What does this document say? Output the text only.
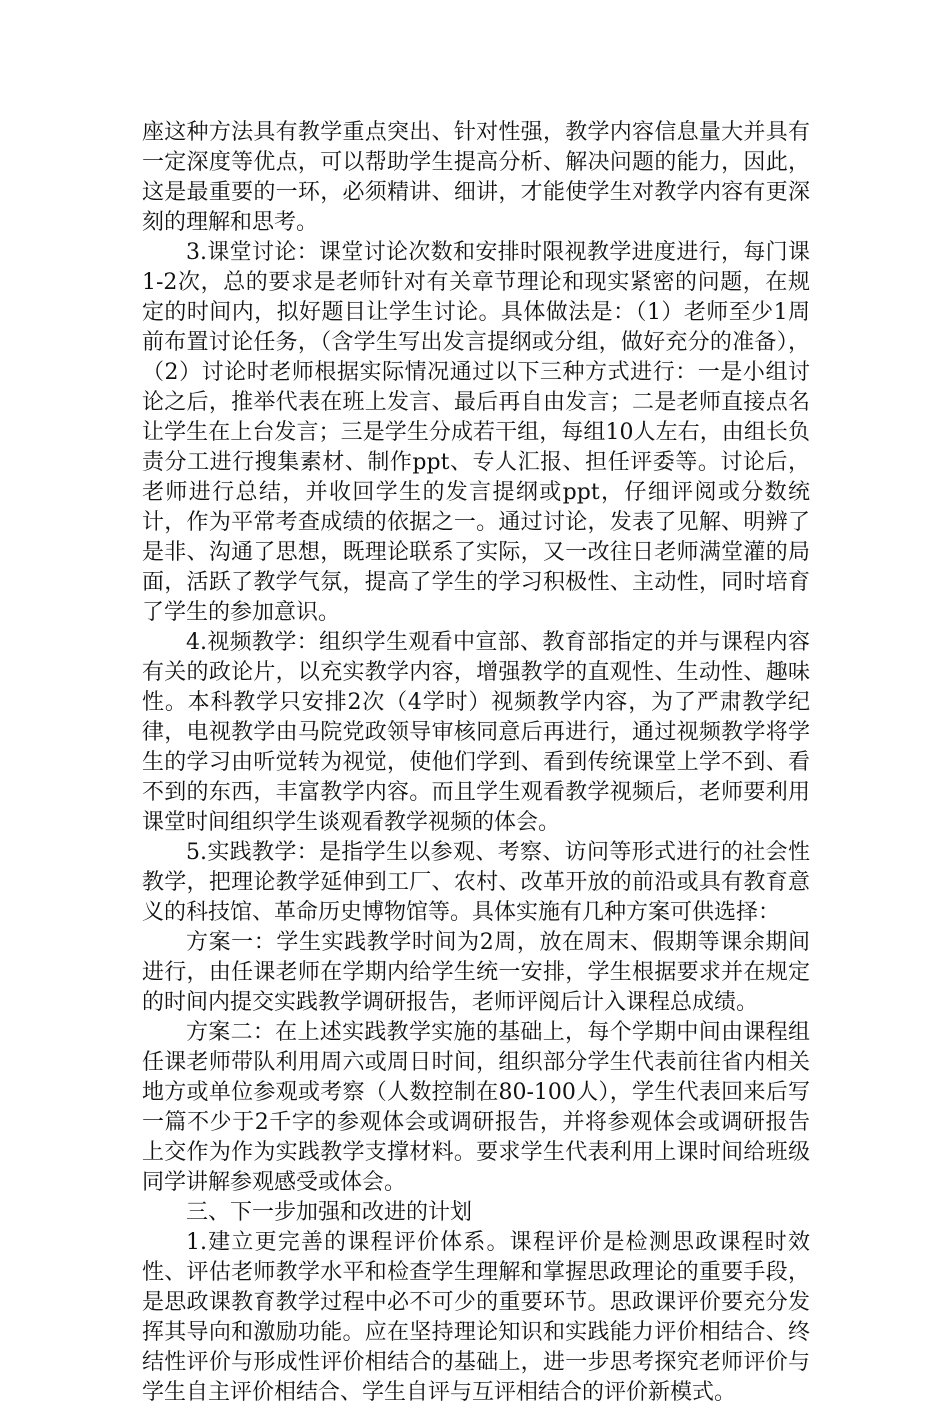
座这种方法具有教学重点突出、针对性强，教学内容信息量大并具有一定深度等优点，可以帮助学生提高分析、解决问题的能力，因此，这是最重要的一环，必须精讲、细讲，才能使学生对教学内容有更深刻的理解和思考。

3.课堂讨论：课堂讨论次数和安排时限视教学进度进行，每门课1-2次，总的要求是老师针对有关章节理论和现实紧密的问题，在规定的时间内，拟好题目让学生讨论。具体做法是：（1）老师至少1周前布置讨论任务，（含学生写出发言提纲或分组，做好充分的准备），（2）讨论时老师根据实际情况通过以下三种方式进行：一是小组讨论之后，推举代表在班上发言、最后再自由发言；二是老师直接点名让学生在上台发言；三是学生分成若干组，每组10人左右，由组长负责分工进行搜集素材、制作ppt、专人汇报、担任评委等。讨论后，老师进行总结，并收回学生的发言提纲或ppt，仔细评阅或分数统计，作为平常考查成绩的依据之一。通过讨论，发表了见解、明辨了是非、沟通了思想，既理论联系了实际，又一改往日老师满堂灌的局面，活跃了教学气氛，提高了学生的学习积极性、主动性，同时培育了学生的参加意识。

4.视频教学：组织学生观看中宣部、教育部指定的并与课程内容有关的政论片，以充实教学内容，增强教学的直观性、生动性、趣味性。本科教学只安排2次（4学时）视频教学内容，为了严肃教学纪律，电视教学由马院党政领导审核同意后再进行，通过视频教学将学生的学习由听觉转为视觉，使他们学到、看到传统课堂上学不到、看不到的东西，丰富教学内容。而且学生观看教学视频后，老师要利用课堂时间组织学生谈观看教学视频的体会。

5.实践教学：是指学生以参观、考察、访问等形式进行的社会性教学，把理论教学延伸到工厂、农村、改革开放的前沿或具有教育意义的科技馆、革命历史博物馆等。具体实施有几种方案可供选择：

方案一：学生实践教学时间为2周，放在周末、假期等课余期间进行，由任课老师在学期内给学生统一安排，学生根据要求并在规定的时间内提交实践教学调研报告，老师评阅后计入课程总成绩。

方案二：在上述实践教学实施的基础上，每个学期中间由课程组任课老师带队利用周六或周日时间，组织部分学生代表前往省内相关地方或单位参观或考察（人数控制在80-100人），学生代表回来后写一篇不少于2千字的参观体会或调研报告，并将参观体会或调研报告上交作为作为实践教学支撑材料。要求学生代表利用上课时间给班级同学讲解参观感受或体会。

三、下一步加强和改进的计划

1.建立更完善的课程评价体系。课程评价是检测思政课程时效性、评估老师教学水平和检查学生理解和掌握思政理论的重要手段，是思政课教育教学过程中必不可少的重要环节。思政课评价要充分发挥其导向和激励功能。应在坚持理论知识和实践能力评价相结合、终结性评价与形成性评价相结合的基础上，进一步思考探究老师评价与学生自主评价相结合、学生自评与互评相结合的评价新模式。
